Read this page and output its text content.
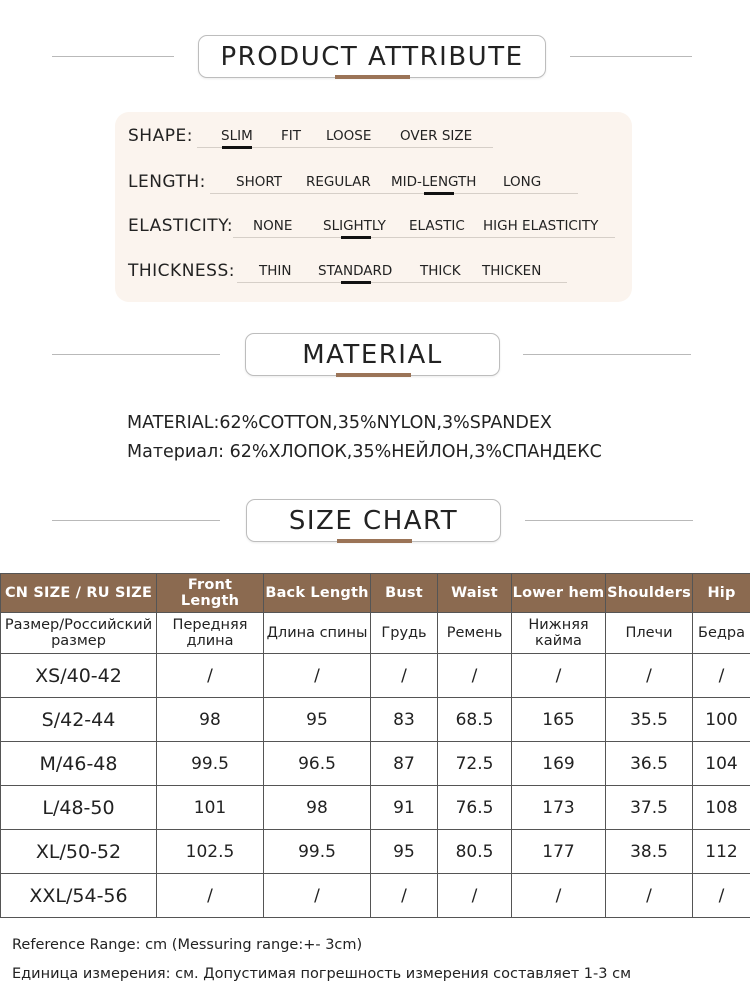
PRODUCT ATTRIBUTE
SHAPE: SLIM FIT LOOSE OVER SIZE
LENGTH: SHORT REGULAR MID-LENGTH LONG
ELASTICITY: NONE SLIGHTLY ELASTIC HIGH ELASTICITY
THICKNESS: THIN STANDARD THICK THICKEN
MATERIAL
MATERIAL:62%COTTON,35%NYLON,3%SPANDEX
Материал: 62%ХЛОПОК,35%НЕЙЛОН,3%СПАНДЕКС
SIZE CHART
CN SIZE / RU SIZE	Front Length	Back Length	Bust	Waist	Lower hem	Shoulders	Hip
Размер/Российский размер	Передняя длина	Длина спины	Грудь	Ремень	Нижняя кайма	Плечи	Бедра
XS/40-42	/	/	/	/	/	/	/
S/42-44	98	95	83	68.5	165	35.5	100
M/46-48	99.5	96.5	87	72.5	169	36.5	104
L/48-50	101	98	91	76.5	173	37.5	108
XL/50-52	102.5	99.5	95	80.5	177	38.5	112
XXL/54-56	/	/	/	/	/	/	/
Reference Range: cm (Messuring range:+- 3cm)
Единица измерения: см. Допустимая погрешность измерения составляет 1-3 см
